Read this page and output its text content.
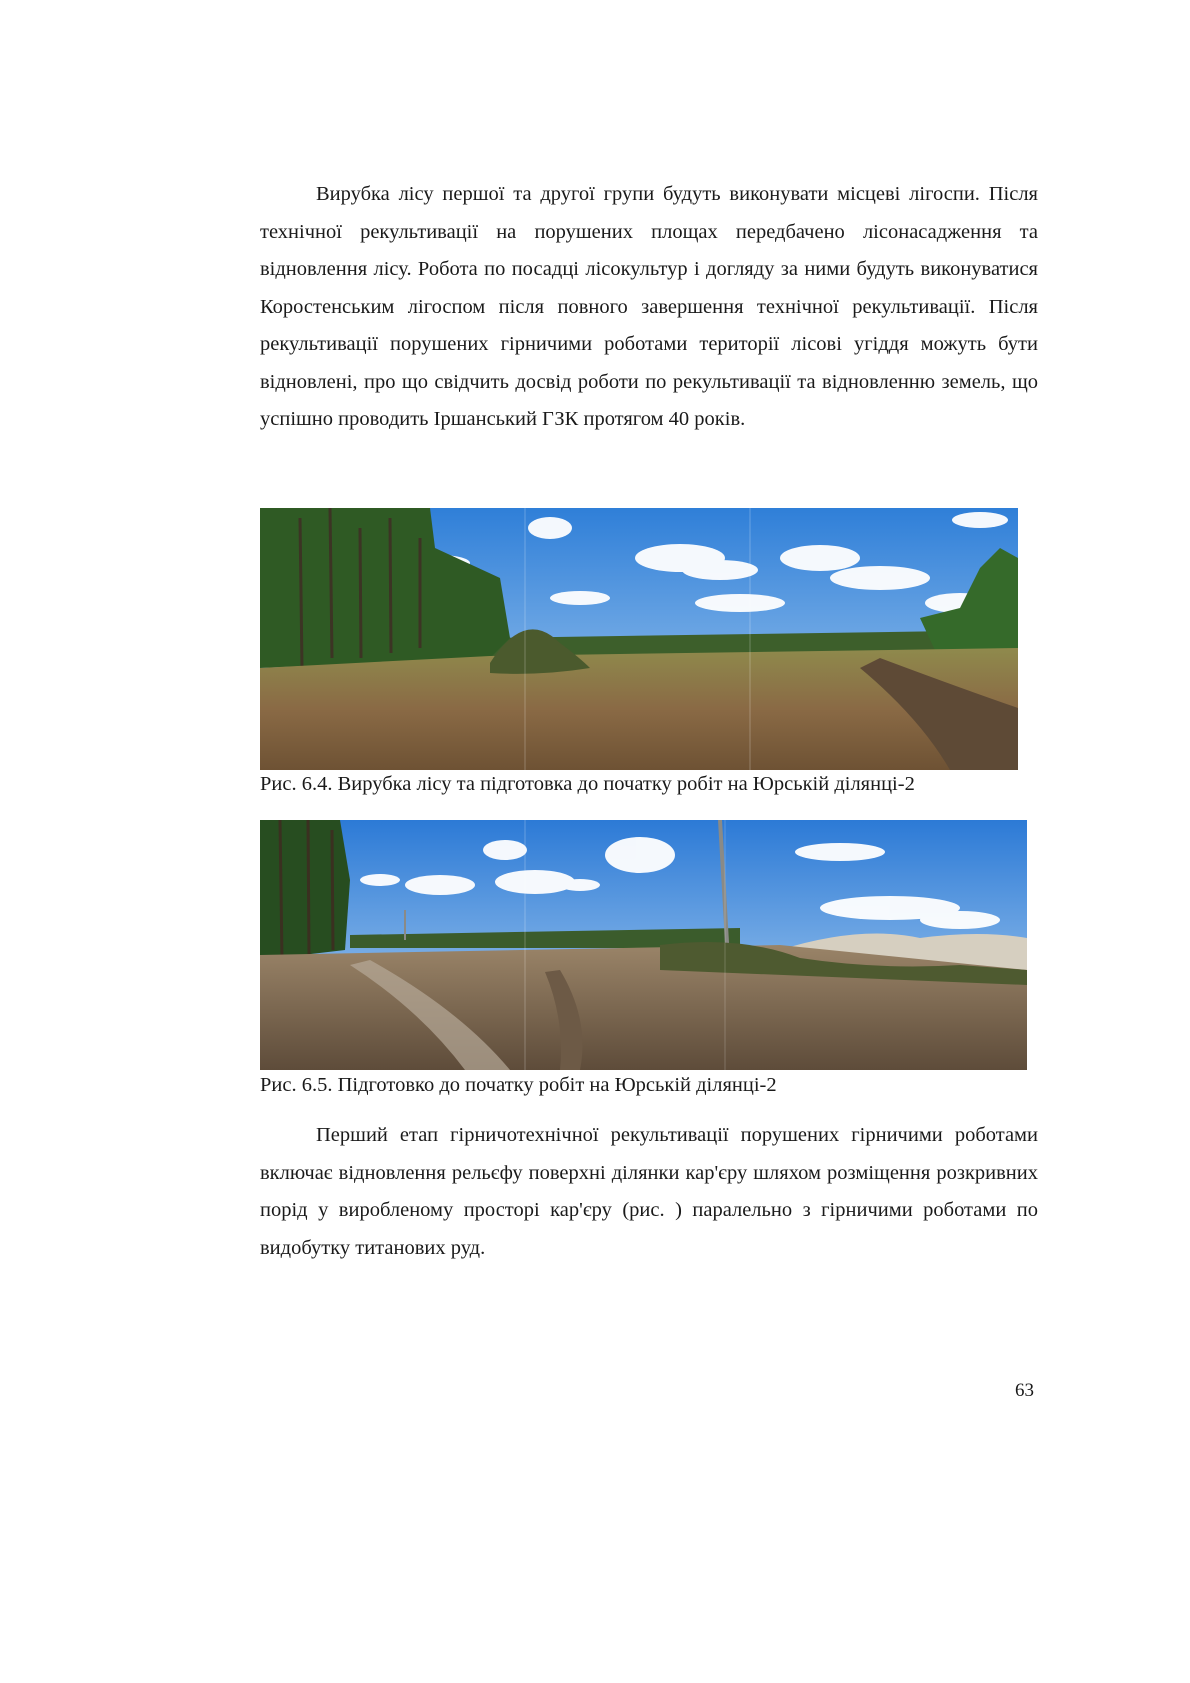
Вирубка лісу першої та другої групи будуть виконувати місцеві лігоспи. Після технічної рекультивації на порушених площах передбачено лісонасадження та відновлення лісу. Робота по посадці лісокультур і догляду за ними будуть виконуватися Коростенським лігоспом після повного завершення технічної рекультивації. Після рекультивації порушених гірничими роботами території лісові угіддя можуть бути відновлені, про що свідчить досвід роботи по рекультивації та відновленню земель, що успішно проводить Іршанський ГЗК протягом 40 років.

Рис. 6.4. Вирубка лісу та підготовка до початку робіт на Юрській ділянці-2

Рис. 6.5. Підготовко до початку робіт на Юрській ділянці-2

Перший етап гірничотехнічної рекультивації порушених гірничими роботами включає відновлення рельєфу поверхні ділянки кар'єру шляхом розміщення розкривних порід у виробленому просторі кар'єру (рис. ) паралельно з гірничими роботами по видобутку титанових руд.

63
